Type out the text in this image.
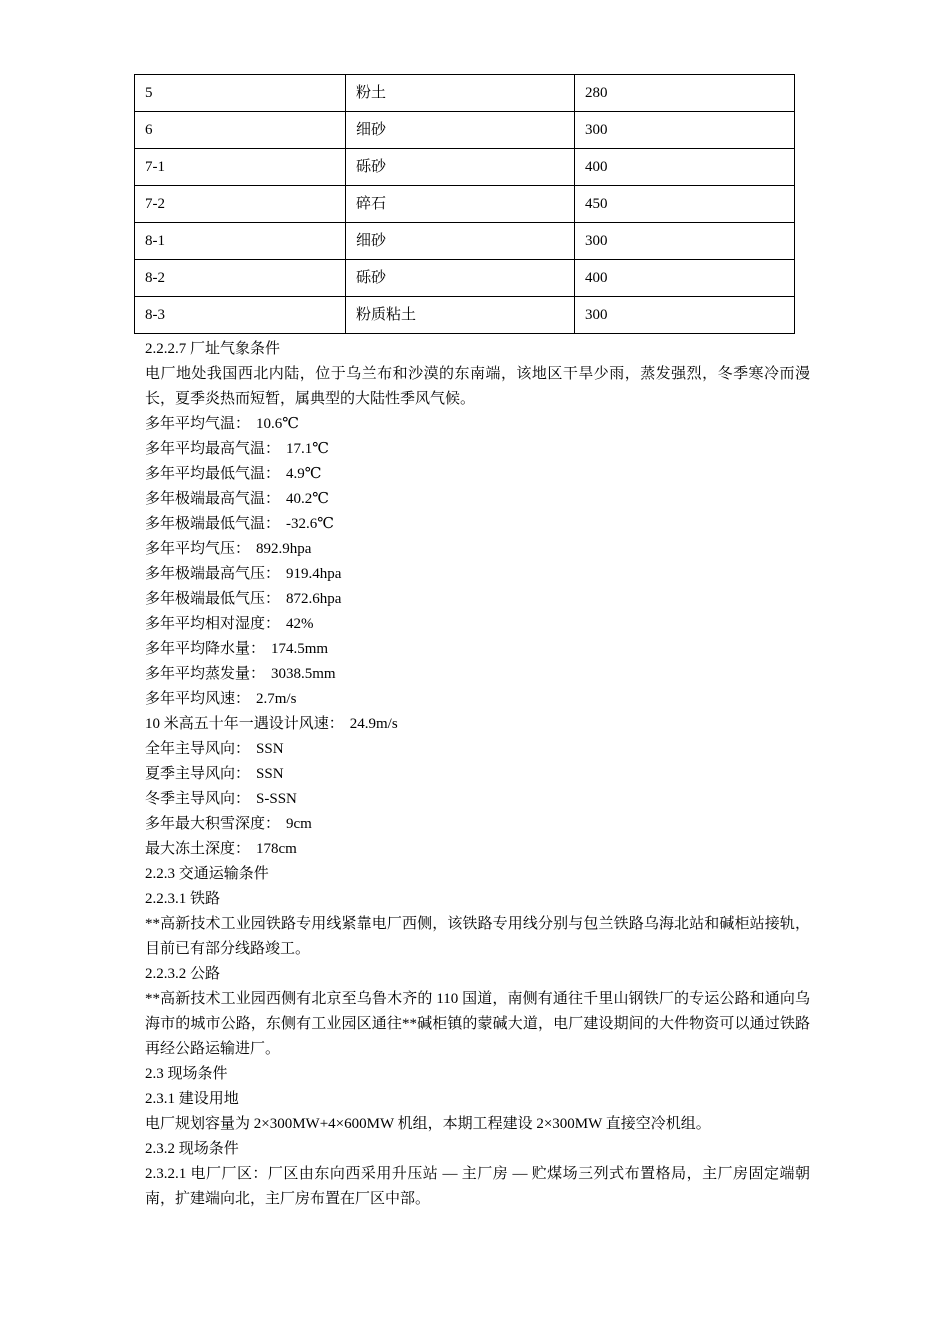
5	粉土	280
6	细砂	300
7-1	砾砂	400
7-2	碎石	450
8-1	细砂	300
8-2	砾砂	400
8-3	粉质粘土	300
2.2.2.7 厂址气象条件
电厂地处我国西北内陆，位于乌兰布和沙漠的东南端，该地区干旱少雨，蒸发强烈，冬季寒冷而漫长，夏季炎热而短暂，属典型的大陆性季风气候。
多年平均气温： 10.6℃
多年平均最高气温： 17.1℃
多年平均最低气温： 4.9℃
多年极端最高气温： 40.2℃
多年极端最低气温： -32.6℃
多年平均气压： 892.9hpa
多年极端最高气压： 919.4hpa
多年极端最低气压： 872.6hpa
多年平均相对湿度： 42%
多年平均降水量： 174.5mm
多年平均蒸发量： 3038.5mm
多年平均风速： 2.7m/s
10 米高五十年一遇设计风速： 24.9m/s
全年主导风向： SSN
夏季主导风向： SSN
冬季主导风向： S-SSN
多年最大积雪深度： 9cm
最大冻土深度： 178cm
2.2.3 交通运输条件
2.2.3.1 铁路
**高新技术工业园铁路专用线紧靠电厂西侧，该铁路专用线分别与包兰铁路乌海北站和碱柜站接轨，目前已有部分线路竣工。
2.2.3.2 公路
**高新技术工业园西侧有北京至乌鲁木齐的 110 国道，南侧有通往千里山钢铁厂的专运公路和通向乌海市的城市公路，东侧有工业园区通往**碱柜镇的蒙碱大道，电厂建设期间的大件物资可以通过铁路再经公路运输进厂。
2.3 现场条件
2.3.1 建设用地
电厂规划容量为 2×300MW+4×600MW 机组，本期工程建设 2×300MW 直接空冷机组。
2.3.2 现场条件
2.3.2.1 电厂厂区：厂区由东向西采用升压站 — 主厂房 — 贮煤场三列式布置格局，主厂房固定端朝南，扩建端向北，主厂房布置在厂区中部。
